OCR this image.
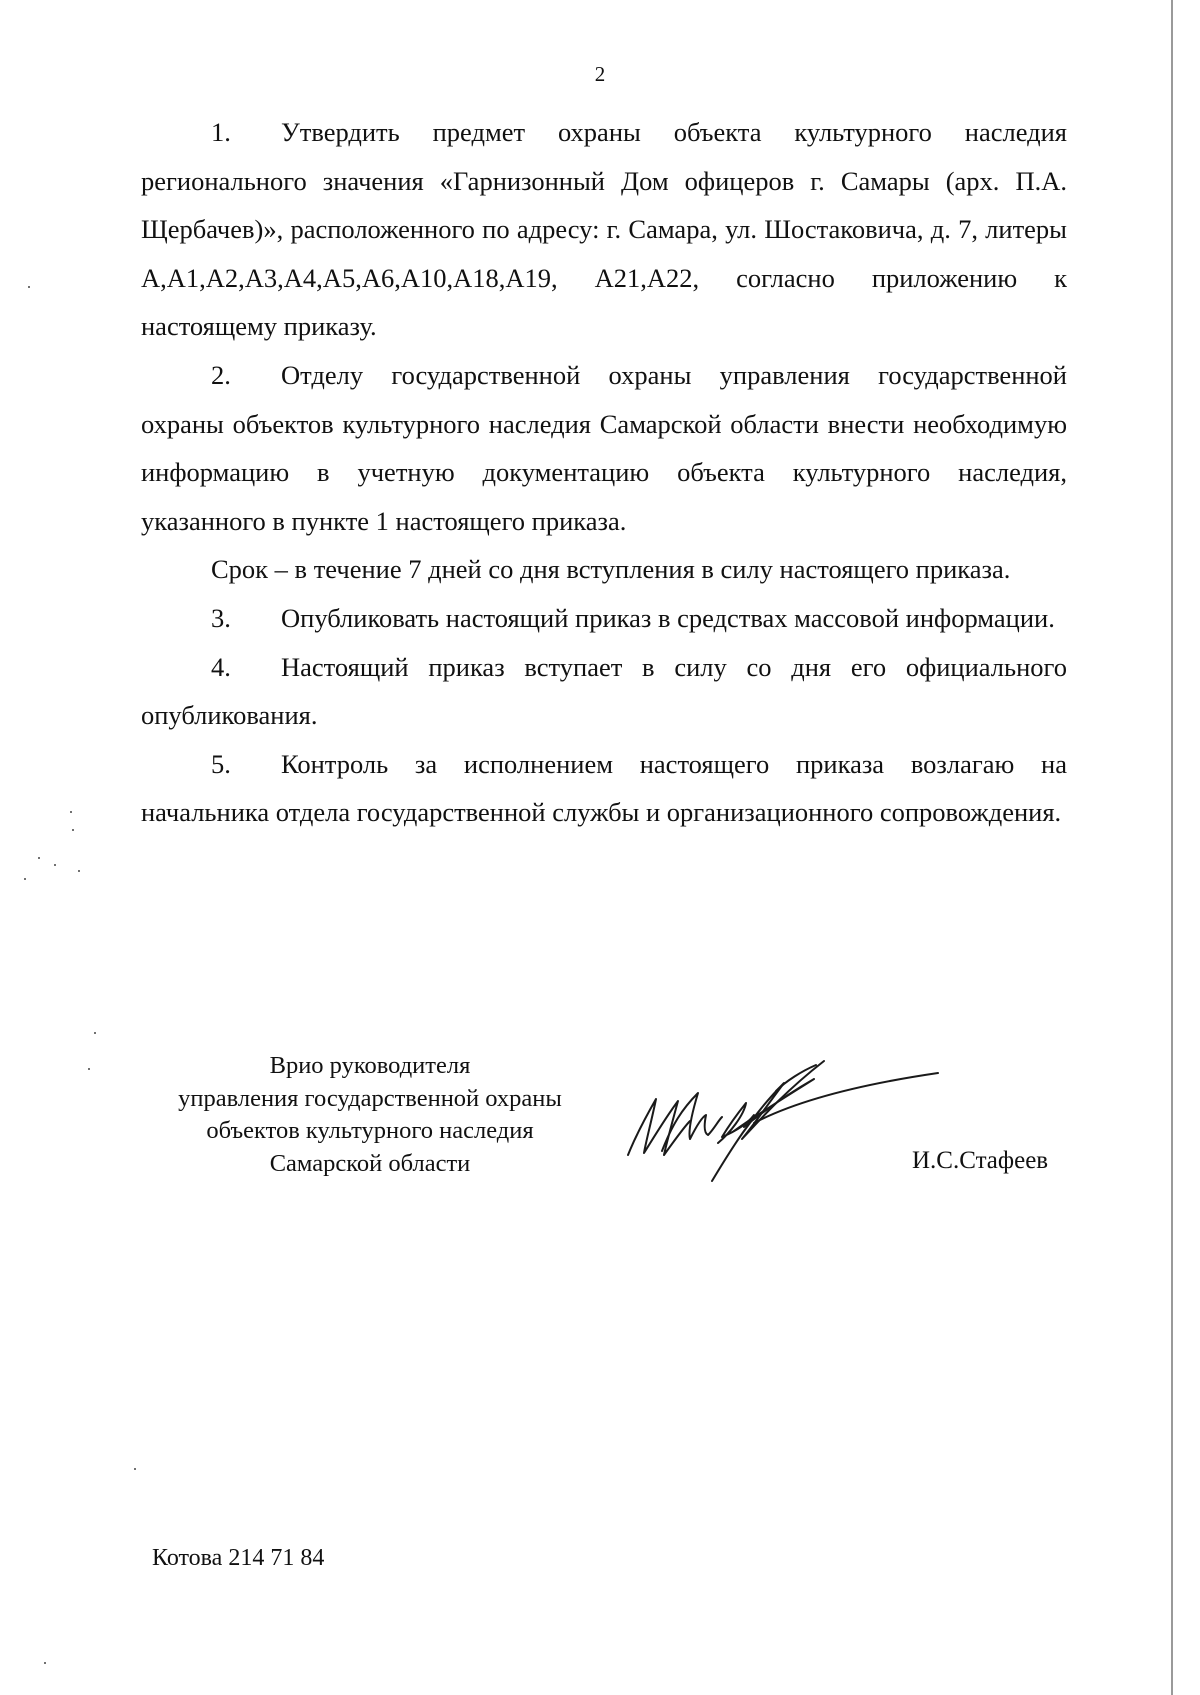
2

1. Утвердить предмет охраны объекта культурного наследия регионального значения «Гарнизонный Дом офицеров г. Самары (арх. П.А. Щербачев)», расположенного по адресу: г. Самара, ул. Шостаковича, д. 7, литеры А,А1,А2,А3,А4,А5,А6,А10,А18,А19, А21,А22, согласно приложению к настоящему приказу.

2. Отделу государственной охраны управления государственной охраны объектов культурного наследия Самарской области внести необходимую информацию в учетную документацию объекта культурного наследия, указанного в пункте 1 настоящего приказа.

Срок – в течение 7 дней со дня вступления в силу настоящего приказа.

3. Опубликовать настоящий приказ в средствах массовой информации.

4. Настоящий приказ вступает в силу со дня его официального опубликования.

5. Контроль за исполнением настоящего приказа возлагаю на начальника отдела государственной службы и организационного сопровождения.

Врио руководителя
управления государственной охраны
объектов культурного наследия
Самарской области	И.С.Стафеев
Котова 214 71 84
